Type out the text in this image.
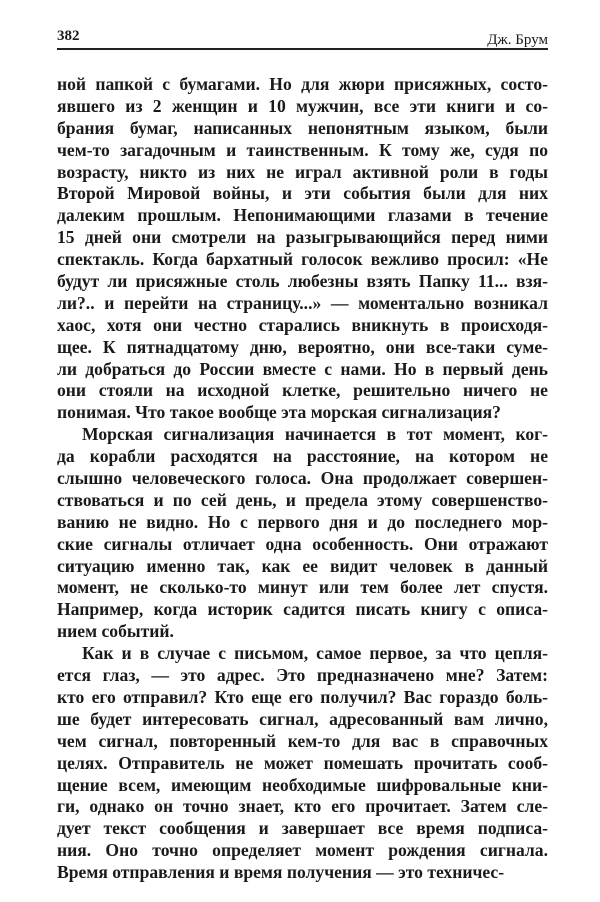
382	Дж. Брум
ной папкой с бумагами. Но для жюри присяжных, состо-
явшего из 2 женщин и 10 мужчин, все эти книги и со-
брания бумаг, написанных непонятным языком, были
чем-то загадочным и таинственным. К тому же, судя по
возрасту, никто из них не играл активной роли в годы
Второй Мировой войны, и эти события были для них
далеким прошлым. Непонимающими глазами в течение
15 дней они смотрели на разыгрывающийся перед ними
спектакль. Когда бархатный голосок вежливо просил: «Не
будут ли присяжные столь любезны взять Папку 11... взя-
ли?.. и перейти на страницу...» — моментально возникал
хаос, хотя они честно старались вникнуть в происходя-
щее. К пятнадцатому дню, вероятно, они все-таки суме-
ли добраться до России вместе с нами. Но в первый день
они стояли на исходной клетке, решительно ничего не
понимая. Что такое вообще эта морская сигнализация?
Морская сигнализация начинается в тот момент, ког-
да корабли расходятся на расстояние, на котором не
слышно человеческого голоса. Она продолжает совершен-
ствоваться и по сей день, и предела этому совершенство-
ванию не видно. Но с первого дня и до последнего мор-
ские сигналы отличает одна особенность. Они отражают
ситуацию именно так, как ее видит человек в данный
момент, не сколько-то минут или тем более лет спустя.
Например, когда историк садится писать книгу с описа-
нием событий.
Как и в случае с письмом, самое первое, за что цепля-
ется глаз, — это адрес. Это предназначено мне? Затем:
кто его отправил? Кто еще его получил? Вас гораздо боль-
ше будет интересовать сигнал, адресованный вам лично,
чем сигнал, повторенный кем-то для вас в справочных
целях. Отправитель не может помешать прочитать сооб-
щение всем, имеющим необходимые шифровальные кни-
ги, однако он точно знает, кто его прочитает. Затем сле-
дует текст сообщения и завершает все время подписа-
ния. Оно точно определяет момент рождения сигнала.
Время отправления и время получения — это техничес-
